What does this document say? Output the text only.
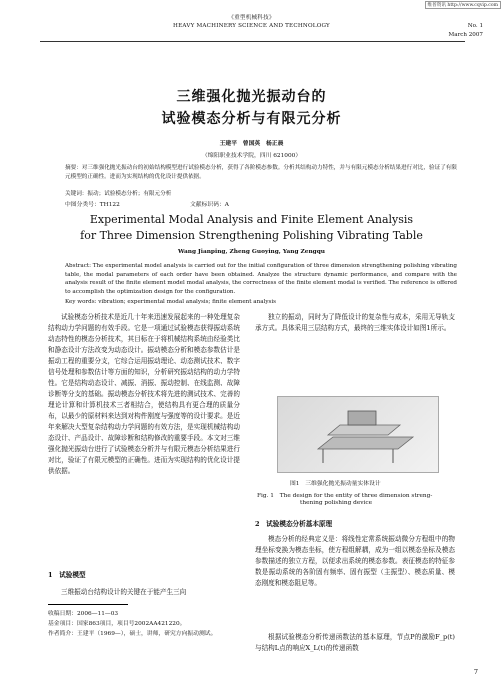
维普资讯 http://www.cqvip.com
《重型机械科技》
HEAVY MACHINERY SCIENCE AND TECHNOLOGY	No. 1
March 2007
三维强化抛光振动台的
试验模态分析与有限元分析
王建平　曾国英　杨正晨
（绵阳职业技术学院，四川 621000）
摘要：对三维强化抛光振动台的初始结构模型进行试验模态分析，获得了各阶模态参数。分析其结构动力特性，并与有限元模态分析结果进行对比，验证了有限元模型的正确性。进而为实现结构的优化设计提供依据。
关键词：振动；试验模态分析；有限元分析
中图分类号：TH122	文献标识码：A
Experimental Modal Analysis and Finite Element Analysis
for Three Dimension Strengthening Polishing Vibrating Table
Wang Jianping, Zheng Guoying, Yang Zengqu
Abstract: The experimental model analysis is carried out for the initial configuration of three dimension strengthening polishing vibrating table, the modal parameters of each order have been obtained. Analyze the structure dynamic performance, and compare with the analysis result of the finite element model modal analysis, the correctness of the finite element modal is verified. The reference is offered to accomplish the optimization design for the configuration.
Key words: vibration; experimental modal analysis; finite element analysis
试验模态分析技术是近几十年来迅速发展起来的一种处理复杂结构动力学问题的有效手段。它是一项通过试验模态获得振动系统动态特性的模态分析技术，其目标在于将机械结构系统由经验类比和静态设计方法改变为动态设计。振动模态分析和模态参数估计是振动工程的重要分支，它综合运用振动理论、动态测试技术、数字信号处理和参数估计等方面的知识，分析研究振动结构的动力学特性。它是结构动态设计、减振、消振、振动控制、在线监测、故障诊断等分支的基础。振动模态分析技术将先进的测试技术、完善的理论计算和计算机技术三者相结合，使结构具有更合理的质量分布，以最少的原材料来达到对构件刚度与强度等的设计要求。是近年来解决大型复杂结构动力学问题的有效方法，是实现机械结构动态设计、产品设计、故障诊断和结构修改的重要手段。本文对三维强化抛光振动台进行了试验模态分析并与有限元模态分析结果进行对比，验证了有限元模型的正确性。进而为实现结构的优化设计提供依据。
1　试验模型
三维振动台结构设计的关键在于能产生三向
收稿日期：2006—11—03
基金项目：国家863项目，项目号2002AA421220。
作者简介：王建平（1969—），硕士，讲师，研究方向振动测试。
独立的振动，同时为了降低设计的复杂性与成本，采用无导轨支承方式。具体采用三层结构方式，最终的三维实体设计如图1所示。
图1　三维强化抛光振动量实体设计
Fig. 1　The design for the entity of three dimension streng-
thening polishing device
2　试验模态分析基本原理
模态分析的经典定义是：将线性定常系统振动微分方程组中的物理坐标变换为模态坐标，使方程组解耦，成为一组以模态坐标及模态参数描述的独立方程，以便求出系统的模态参数。表征模态的特征参数是振动系统的各阶固有频率、固有振型（主振型）、模态质量、模态刚度和模态阻尼等。
根据试验模态分析传递函数法的基本原理，节点P的激励F_p(t)与结构L点的响应X_L(t)的传递函数
7
